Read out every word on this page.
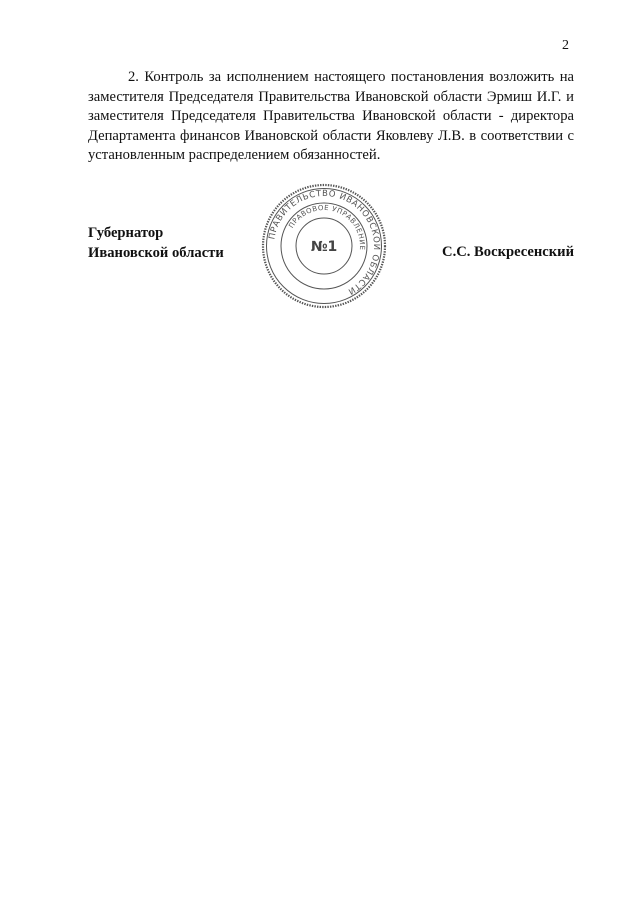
2

2. Контроль за исполнением настоящего постановления возложить на заместителя Председателя Правительства Ивановской области Эрмиш И.Г. и заместителя Председателя Правительства Ивановской области - директора Департамента финансов Ивановской области Яковлеву Л.В. в соответствии с установленным распределением обязанностей.

Губернатор
Ивановской области	С.С. Воскресенский
ПРАВИТЕЛЬСТВО ИВАНОВСКОЙ ОБЛАСТИ
ПРАВОВОЕ УПРАВЛЕНИЕ
№1
